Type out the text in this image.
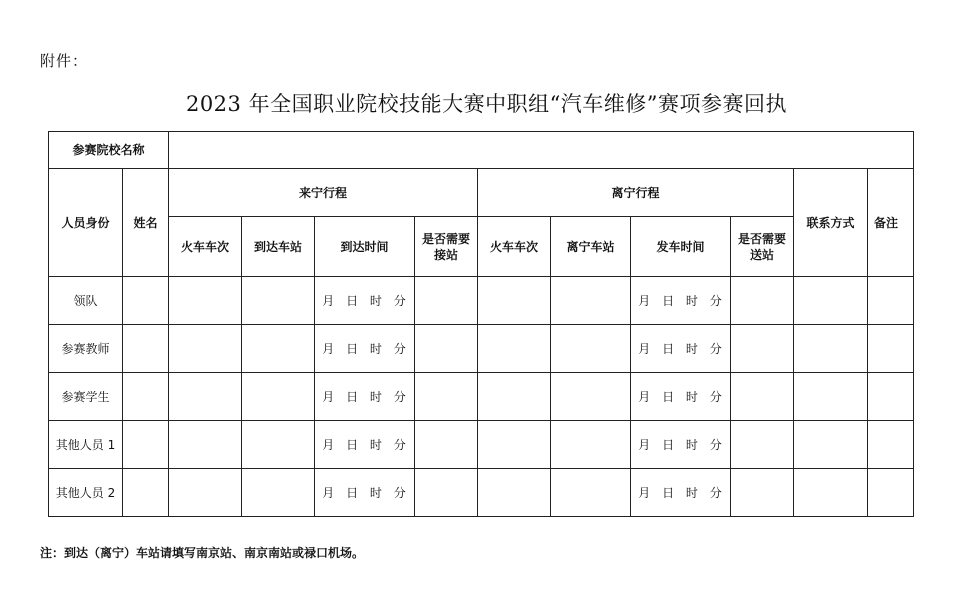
附件：
2023 年全国职业院校技能大赛中职组“汽车维修”赛项参赛回执
参赛院校名称											
人员身份	姓名	来宁行程				离宁行程				联系方式	备注
		火车车次	到达车站	到达时间	是否需要接站	火车车次	离宁车站	发车时间	是否需要送站		
领队				月 日 时 分				月 日 时 分			
参赛教师				月 日 时 分				月 日 时 分			
参赛学生				月 日 时 分				月 日 时 分			
其他人员 1				月 日 时 分				月 日 时 分			
其他人员 2				月 日 时 分				月 日 时 分			
注：到达（离宁）车站请填写南京站、南京南站或禄口机场。
